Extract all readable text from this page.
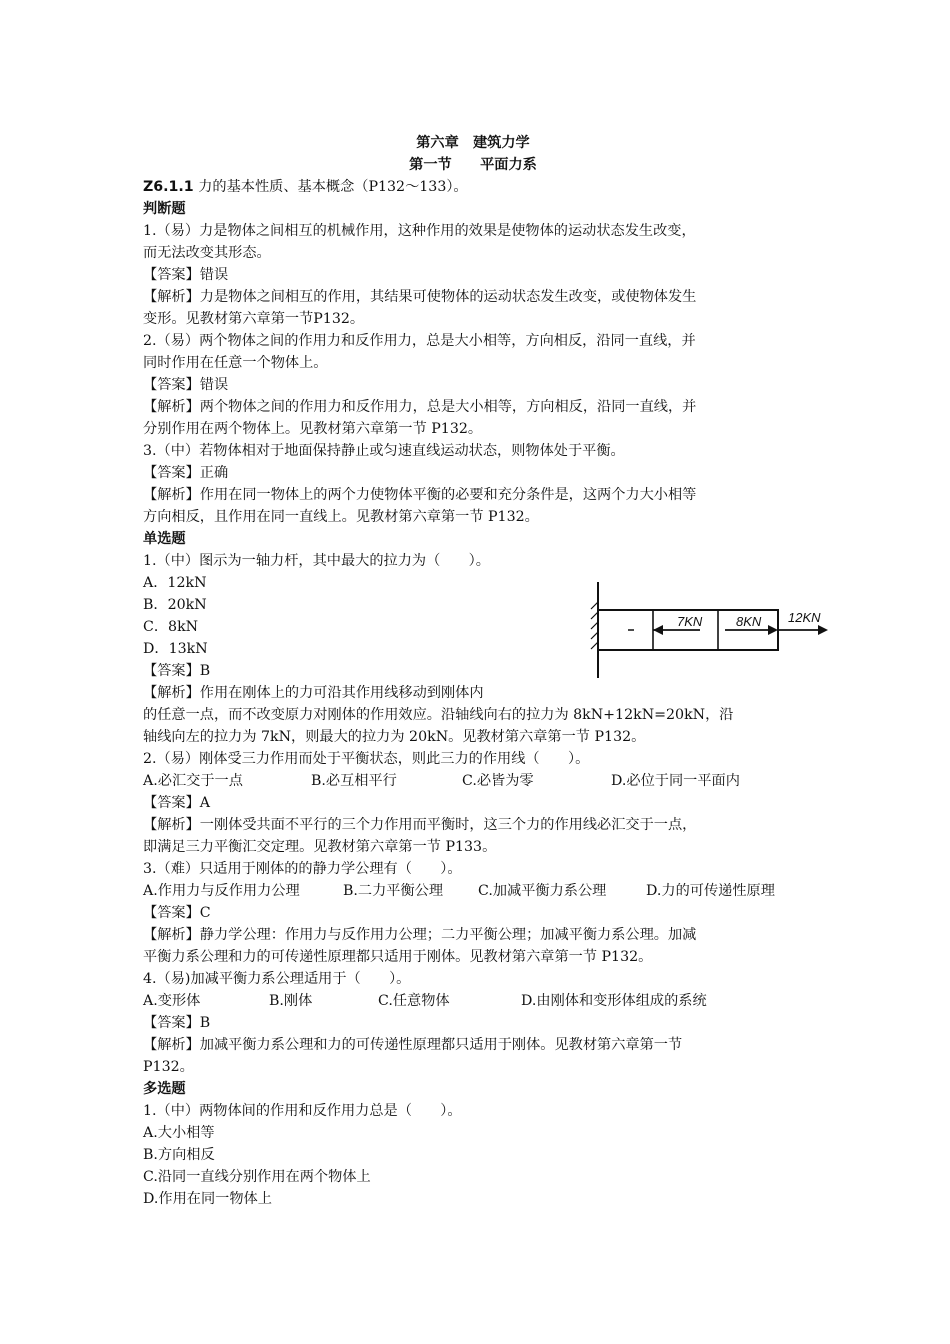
第六章　建筑力学
第一节　　平面力系
Z6.1.1 力的基本性质、基本概念（P132～133）。
判断题
1.（易）力是物体之间相互的机械作用，这种作用的效果是使物体的运动状态发生改变，
而无法改变其形态。
【答案】错误
【解析】力是物体之间相互的作用，其结果可使物体的运动状态发生改变，或使物体发生
变形。见教材第六章第一节P132。
2.（易）两个物体之间的作用力和反作用力，总是大小相等，方向相反，沿同一直线，并
同时作用在任意一个物体上。
【答案】错误
【解析】两个物体之间的作用力和反作用力，总是大小相等，方向相反，沿同一直线，并
分别作用在两个物体上。见教材第六章第一节 P132。
3.（中）若物体相对于地面保持静止或匀速直线运动状态，则物体处于平衡。
【答案】正确
【解析】作用在同一物体上的两个力使物体平衡的必要和充分条件是，这两个力大小相等
方向相反，且作用在同一直线上。见教材第六章第一节 P132。
单选题
1.（中）图示为一轴力杆，其中最大的拉力为（　　）。
A．12kN
B．20kN
C．8kN
D．13kN
【答案】B
【解析】作用在刚体上的力可沿其作用线移动到刚体内
的任意一点，而不改变原力对刚体的作用效应。沿轴线向右的拉力为 8kN+12kN=20kN，沿
轴线向左的拉力为 7kN，则最大的拉力为 20kN。见教材第六章第一节 P132。
2.（易）刚体受三力作用而处于平衡状态，则此三力的作用线（　　）。
A.必汇交于一点	B.必互相平行	C.必皆为零	D.必位于同一平面内
【答案】A
【解析】一刚体受共面不平行的三个力作用而平衡时，这三个力的作用线必汇交于一点，
即满足三力平衡汇交定理。见教材第六章第一节 P133。
3.（难）只适用于刚体的的静力学公理有（　　）。
A.作用力与反作用力公理	B.二力平衡公理	C.加减平衡力系公理	D.力的可传递性原理
【答案】C
【解析】静力学公理：作用力与反作用力公理；二力平衡公理；加减平衡力系公理。加减
平衡力系公理和力的可传递性原理都只适用于刚体。见教材第六章第一节 P132。
4.（易)加减平衡力系公理适用于（　　）。
A.变形体	B.刚体	C.任意物体	D.由刚体和变形体组成的系统
【答案】B
【解析】加减平衡力系公理和力的可传递性原理都只适用于刚体。见教材第六章第一节
P132。
多选题
1.（中）两物体间的作用和反作用力总是（　　）。
A.大小相等
B.方向相反
C.沿同一直线分别作用在两个物体上
D.作用在同一物体上
7KN	8KN 12KN
